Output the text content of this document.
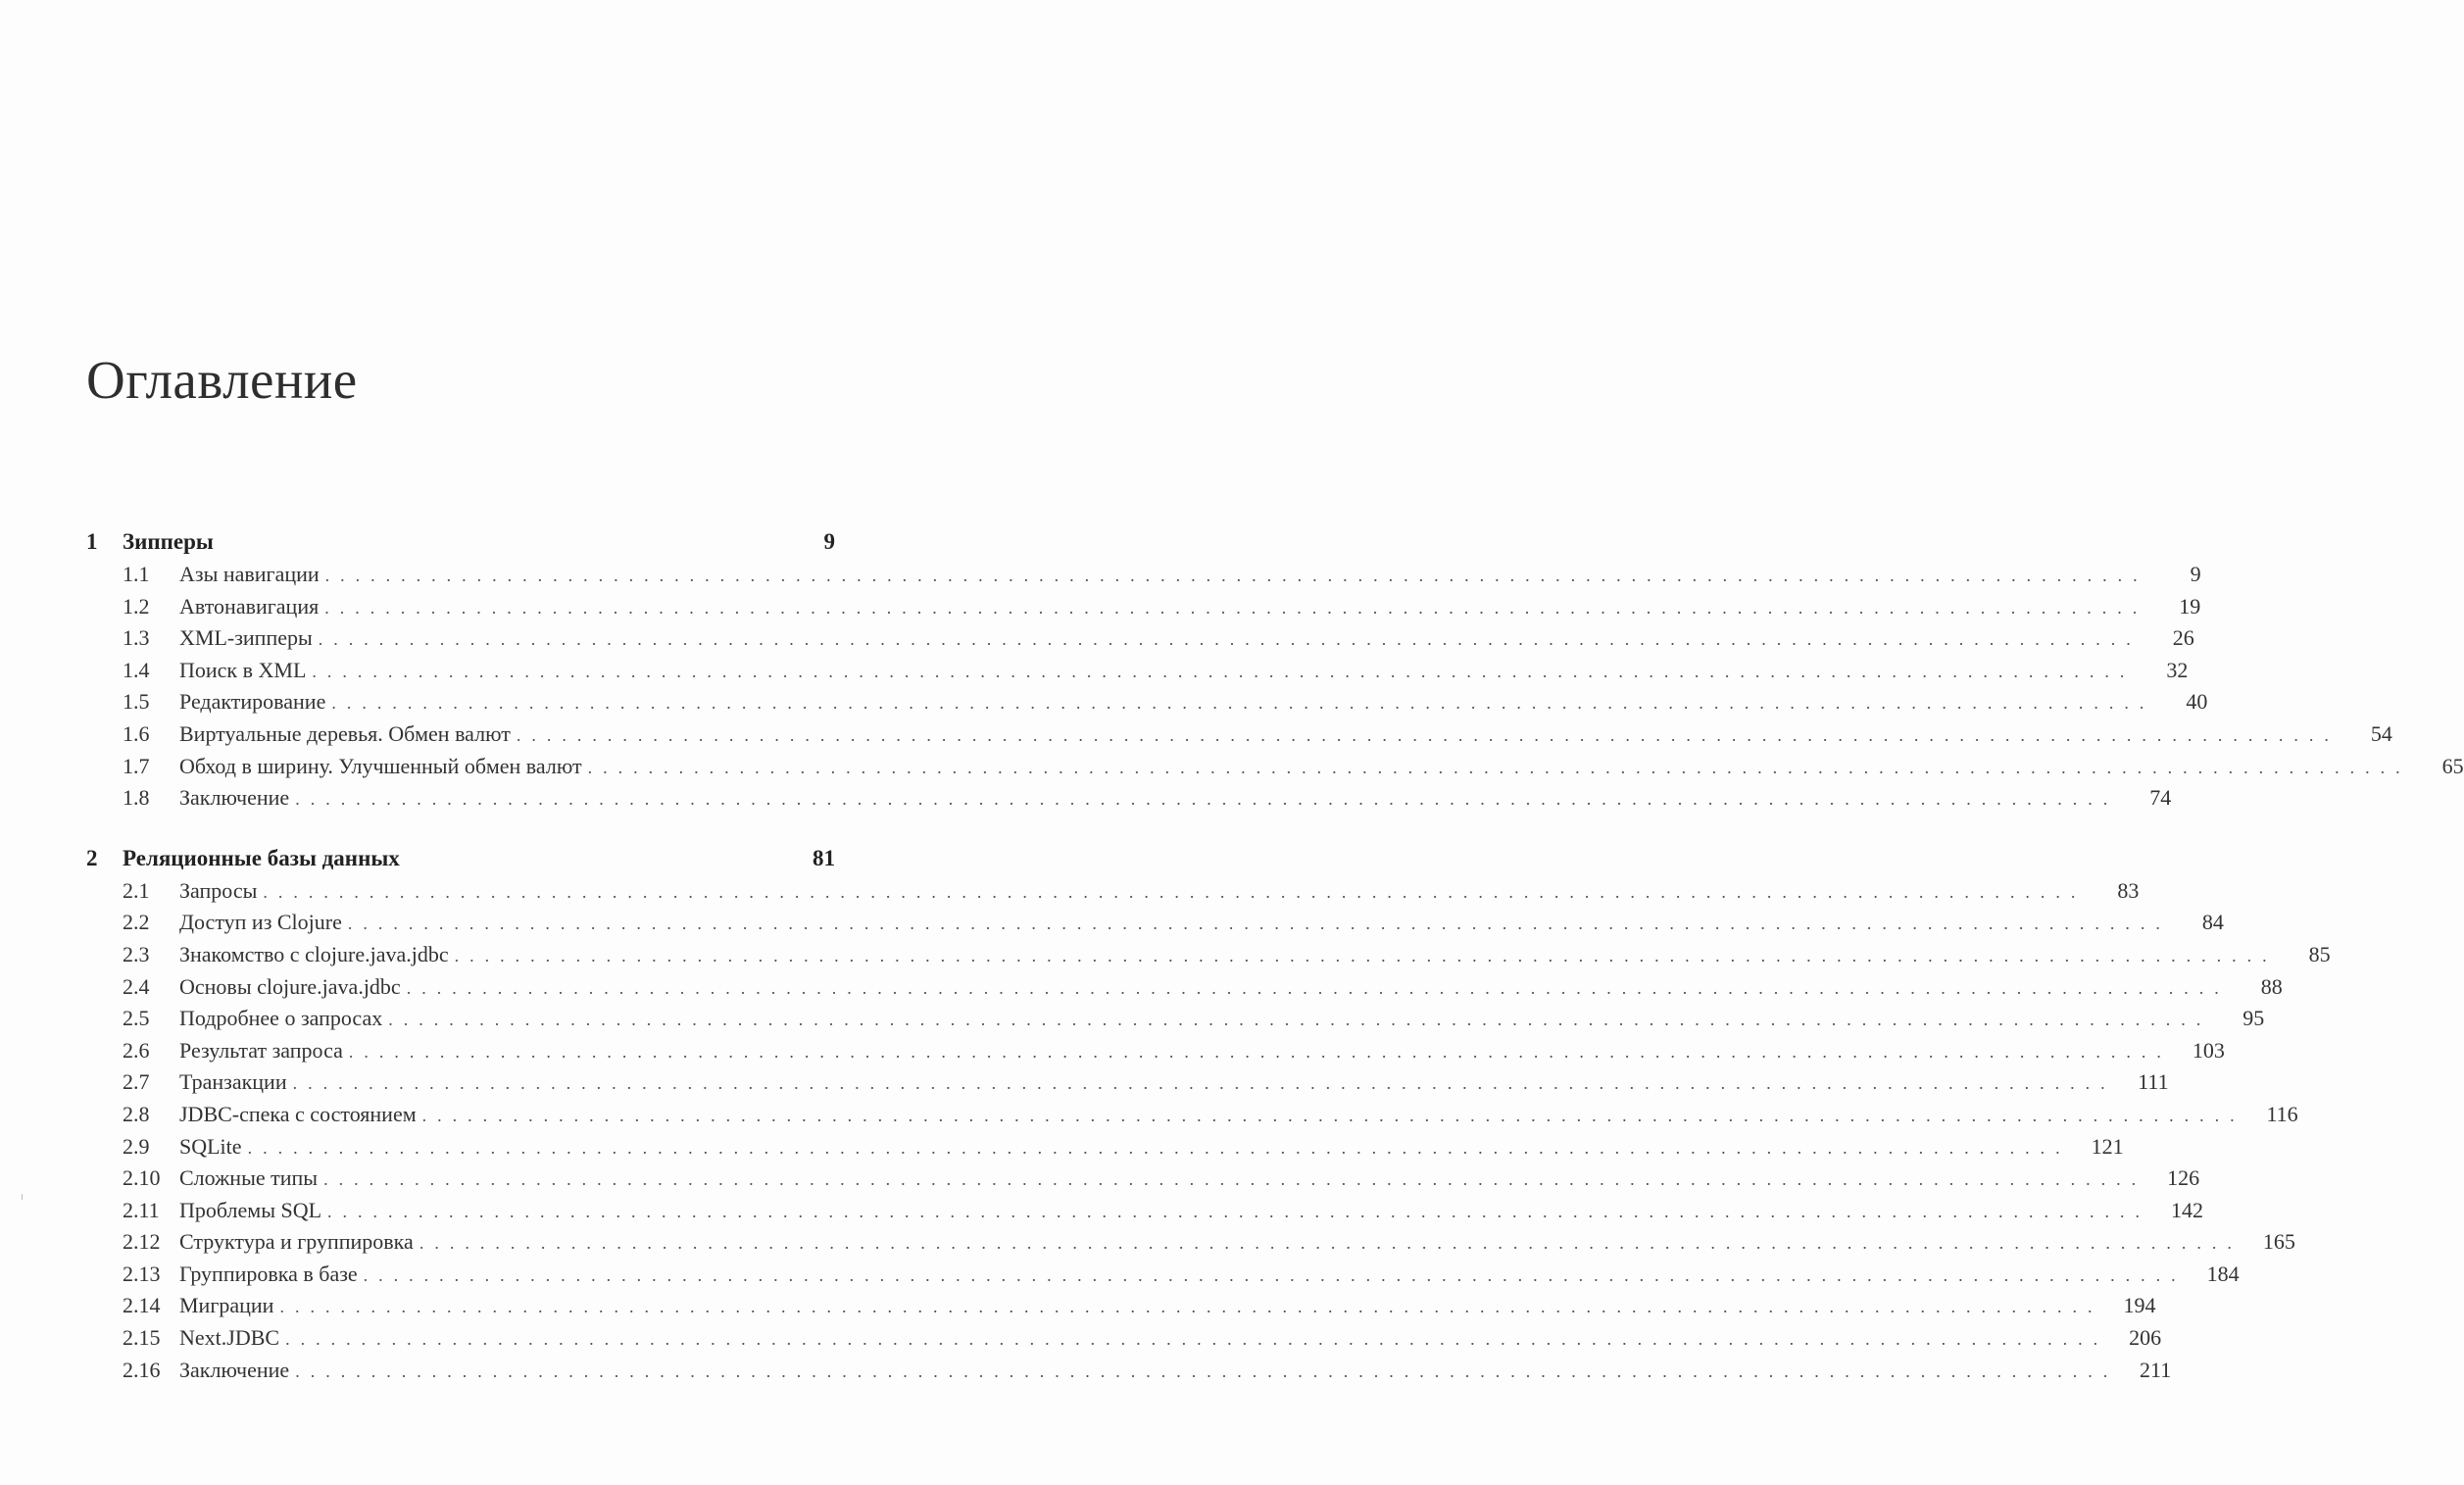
Оглавление
1	Зипперы	9
1.1	Азы навигации ........................................................................................................................	9
1.2	Автонавигация ........................................................................................................................	19
1.3	XML-зипперы ........................................................................................................................	26
1.4	Поиск в XML ........................................................................................................................	32
1.5	Редактирование ........................................................................................................................	40
1.6	Виртуальные деревья. Обмен валют ........................................................................................................................	54
1.7	Обход в ширину. Улучшенный обмен валют ........................................................................................................................	65
1.8	Заключение ........................................................................................................................	74
2	Реляционные базы данных	81
2.1	Запросы ........................................................................................................................	83
2.2	Доступ из Clojure ........................................................................................................................	84
2.3	Знакомство с clojure.java.jdbc ........................................................................................................................	85
2.4	Основы clojure.java.jdbc ........................................................................................................................	88
2.5	Подробнее о запросах ........................................................................................................................	95
2.6	Результат запроса ........................................................................................................................ 103
2.7	Транзакции ........................................................................................................................	111
2.8	JDBC-спека с состоянием ........................................................................................................................ 116
2.9	SQLite ........................................................................................................................ 121
2.10 Сложные типы ........................................................................................................................ 126
2.11 Проблемы SQL ........................................................................................................................ 142
2.12 Структура и группировка ........................................................................................................................ 165
2.13 Группировка в базе ........................................................................................................................ 184
2.14 Миграции ........................................................................................................................ 194
2.15 Next.JDBC ........................................................................................................................ 206
2.16 Заключение ........................................................................................................................ 211
